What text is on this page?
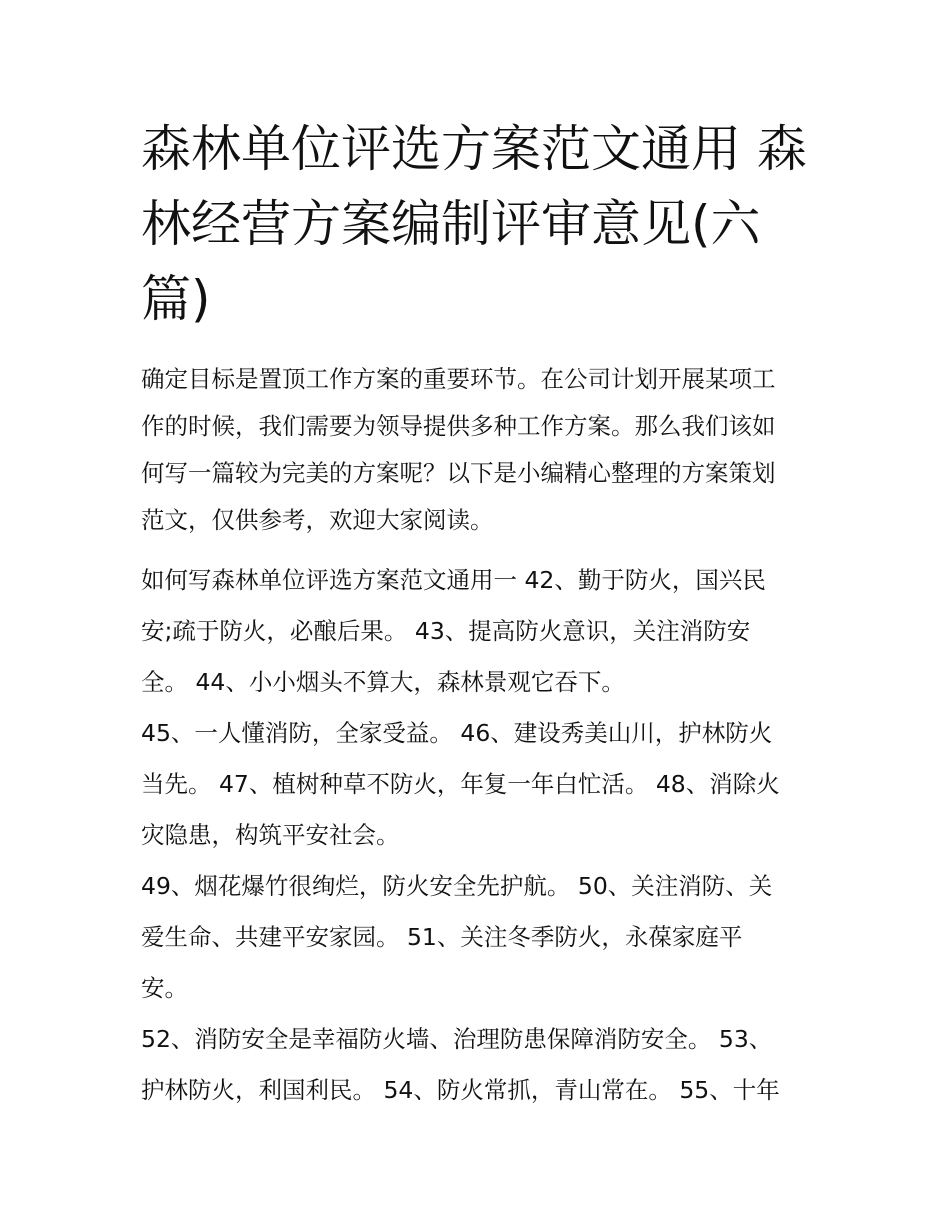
森林单位评选方案范文通用 森
林经营方案编制评审意见(六
篇)
确定目标是置顶工作方案的重要环节。在公司计划开展某项工
作的时候，我们需要为领导提供多种工作方案。那么我们该如
何写一篇较为完美的方案呢？以下是小编精心整理的方案策划
范文，仅供参考，欢迎大家阅读。
如何写森林单位评选方案范文通用一 42、勤于防火，国兴民
安;疏于防火，必酿后果。 43、提高防火意识，关注消防安
全。 44、小小烟头不算大，森林景观它吞下。
45、一人懂消防，全家受益。 46、建设秀美山川，护林防火
当先。 47、植树种草不防火，年复一年白忙活。 48、消除火
灾隐患，构筑平安社会。
49、烟花爆竹很绚烂，防火安全先护航。 50、关注消防、关
爱生命、共建平安家园。 51、关注冬季防火，永葆家庭平
安。
52、消防安全是幸福防火墙、治理防患保障消防安全。 53、
护林防火，利国利民。 54、防火常抓，青山常在。 55、十年
